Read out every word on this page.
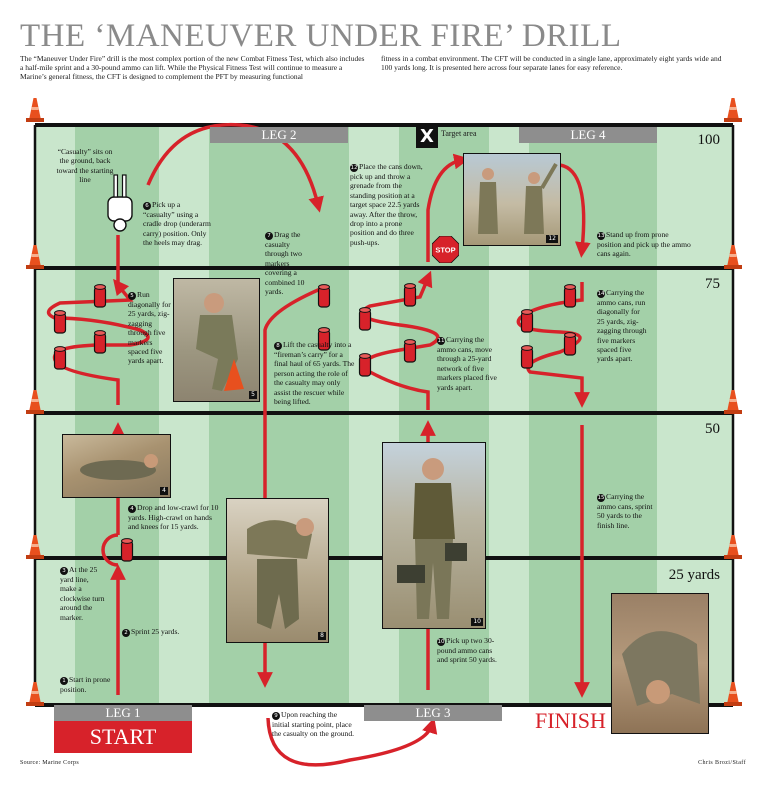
THE ‘MANEUVER UNDER FIRE’ DRILL
The “Maneuver Under Fire” drill is the most complex portion of the new Combat Fitness Test, which also includes a half-mile sprint and a 30-pound ammo can lift. While the Physical Fitness Test will continue to measure a Marine’s general fitness, the CFT is designed to complement the PFT by measuring functional
fitness in a combat environment. The CFT will be conducted in a single lane, approximately eight yards wide and 100 yards long. It is presented here across four separate lanes for easy reference.
LEG 2	LEG 4
LEG 1	LEG 3
START
FINISH
X Target area
STOP
100
75
50
25 yards
“Casualty” sits on the ground, back toward the starting line
1 Start in prone position.
2 Sprint 25 yards.
3 At the 25 yard line, make a clockwise turn around the marker.
4 Drop and low-crawl for 10 yards. High-crawl on hands and knees for 15 yards.
5 Run diagonally for 25 yards, zig-zagging through five markers spaced five yards apart.
6 Pick up a “casualty” using a cradle drop (underarm carry) position. Only the heels may drag.
7 Drag the casualty through two markers covering a combined 10 yards.
8 Lift the casualty into a “fireman’s carry” for a final haul of 65 yards. The person acting the role of the casualty may only assist the rescuer while being lifted.
9 Upon reaching the initial starting point, place the casualty on the ground.
10 Pick up two 30-pound ammo cans and sprint 50 yards.
11 Carrying the ammo cans, move through a 25-yard network of five markers placed five yards apart.
12 Place the cans down, pick up and throw a grenade from the standing position at a target space 22.5 yards away. After the throw, drop into a prone position and do three push-ups.
13 Stand up from prone position and pick up the ammo cans again.
14 Carrying the ammo cans, run diagonally for 25 yards, zig-zagging through five markers spaced five yards apart.
15 Carrying the ammo cans, sprint 50 yards to the finish line.
4
5
8
10
12
Source: Marine Corps	Chris Brozi/Staff
